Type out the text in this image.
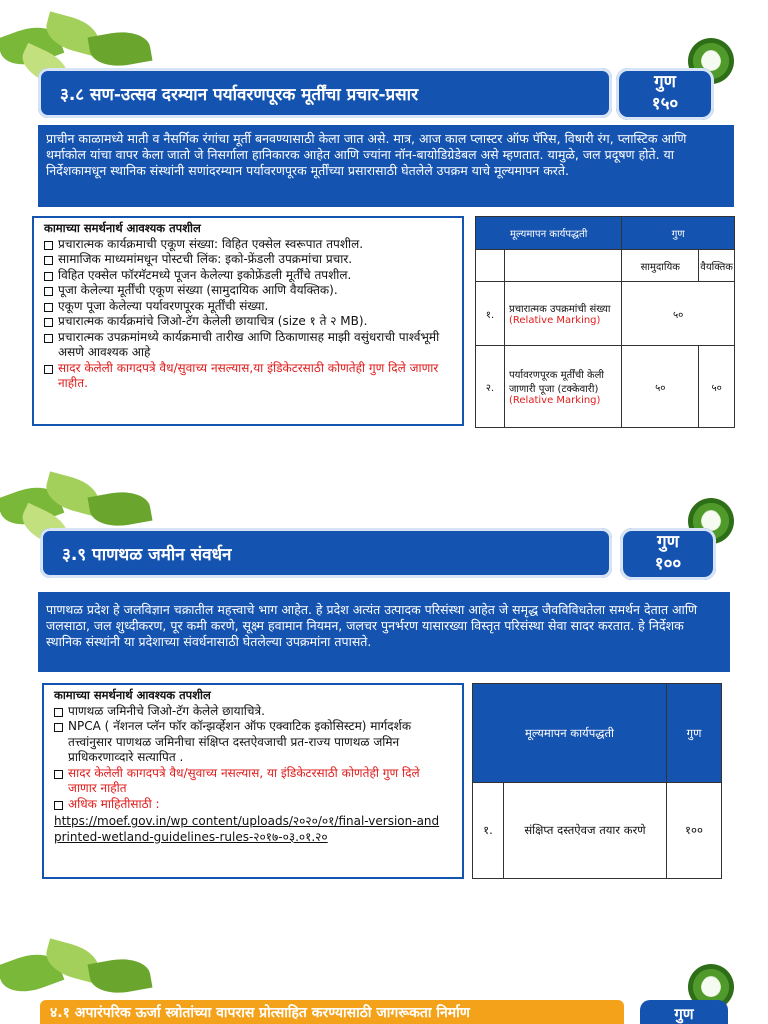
३.८ सण-उत्सव दरम्यान पर्यावरणपूरक मूर्तींचा प्रचार-प्रसार
गुण
१५०
प्राचीन काळामध्ये माती व नैसर्गिक रंगांचा मूर्ती बनवण्यासाठी केला जात असे. मात्र, आज काल प्लास्टर ऑफ पॅरिस, विषारी रंग, प्लास्टिक आणि थर्माकोल यांचा वापर केला जातो जे निसर्गाला हानिकारक आहेत आणि ज्यांना नॉन-बायोडिग्रेडेबल असे म्हणतात. यामुळे, जल प्रदूषण होते. या निर्देशकामधून स्थानिक संस्थांनी सणांदरम्यान पर्यावरणपूरक मूर्तींच्या प्रसारासाठी घेतलेले उपक्रम याचे मूल्यमापन करते.
कामाच्या समर्थनार्थ आवश्यक तपशील
प्रचारात्मक कार्यक्रमाची एकूण संख्या: विहित एक्सेल स्वरूपात तपशील.
सामाजिक माध्यमांमधून पोस्टची लिंक: इको-फ्रेंडली उपक्रमांचा प्रचार.
विहित एक्सेल फॉरमॅटमध्ये पूजन केलेल्या इकोफ्रेंडली मूर्तींचे तपशील.
पूजा केलेल्या मूर्तींची एकूण संख्या (सामुदायिक आणि वैयक्तिक).
एकूण पूजा केलेल्या पर्यावरणपूरक मूर्तींची संख्या.
प्रचारात्मक कार्यक्रमांचे जिओ-टॅग केलेली छायाचित्र (size १ ते २ MB).
प्रचारात्मक उपक्रमांमध्ये कार्यक्रमाची तारीख आणि ठिकाणासह माझी वसुंधराची पार्श्वभूमी असणे आवश्यक आहे
सादर केलेली कागदपत्रे वैध/सुवाच्य नसल्यास,या इंडिकेटरसाठी कोणतेही गुण दिले जाणार नाहीत.
मूल्यमापन कार्यपद्धती		गुण	
		सामुदायिक	वैयक्तिक
१.	प्रचारात्मक उपक्रमांची संख्या
(Relative Marking)	५०	
२.	पर्यावरणपूरक मूर्तींची केली जाणारी पूजा (टक्केवारी)
(Relative Marking)	५०	५०
३.९ पाणथळ जमीन संवर्धन
गुण
१००
पाणथळ प्रदेश हे जलविज्ञान चक्रातील महत्त्वाचे भाग आहेत. हे प्रदेश अत्यंत उत्पादक परिसंस्था आहेत जे समृद्ध जैवविविधतेला समर्थन देतात आणि जलसाठा, जल शुध्दीकरण, पूर कमी करणे, सूक्ष्म हवामान नियमन, जलचर पुनर्भरण यासारख्या विस्तृत परिसंस्था सेवा सादर करतात. हे निर्देशक स्थानिक संस्थांनी या प्रदेशाच्या संवर्धनासाठी घेतलेल्या उपक्रमांना तपासते.
कामाच्या समर्थनार्थ आवश्यक तपशील
पाणथळ जमिनीचे जिओ-टॅग केलेले छायाचित्रे.
NPCA ( नॅशनल प्लॅन फॉर कॉन्झर्व्हेशन ऑफ एक्वाटिक इकोसिस्टम) मार्गदर्शक तत्त्वांनुसार पाणथळ जमिनीचा संक्षिप्त दस्तऐवजाची प्रत-राज्य पाणथळ जमिन प्राधिकरणाव्दारे सत्यापित .
सादर केलेली कागदपत्रे वैध/सुवाच्य नसल्यास, या इंडिकेटरसाठी कोणतेही गुण दिले जाणार नाहीत
अधिक माहितीसाठी :
https://moef.gov.in/wp content/uploads/२०२०/०१/final-version-and printed-wetland-guidelines-rules-२०१७-०३.०१.२०
मूल्यमापन कार्यपद्धती		गुण
१.	संक्षिप्त दस्तऐवज तयार करणे	१००
४.१ अपारंपरिक ऊर्जा स्त्रोतांच्या वापरास प्रोत्साहित करण्यासाठी जागरूकता निर्माण	गुण
